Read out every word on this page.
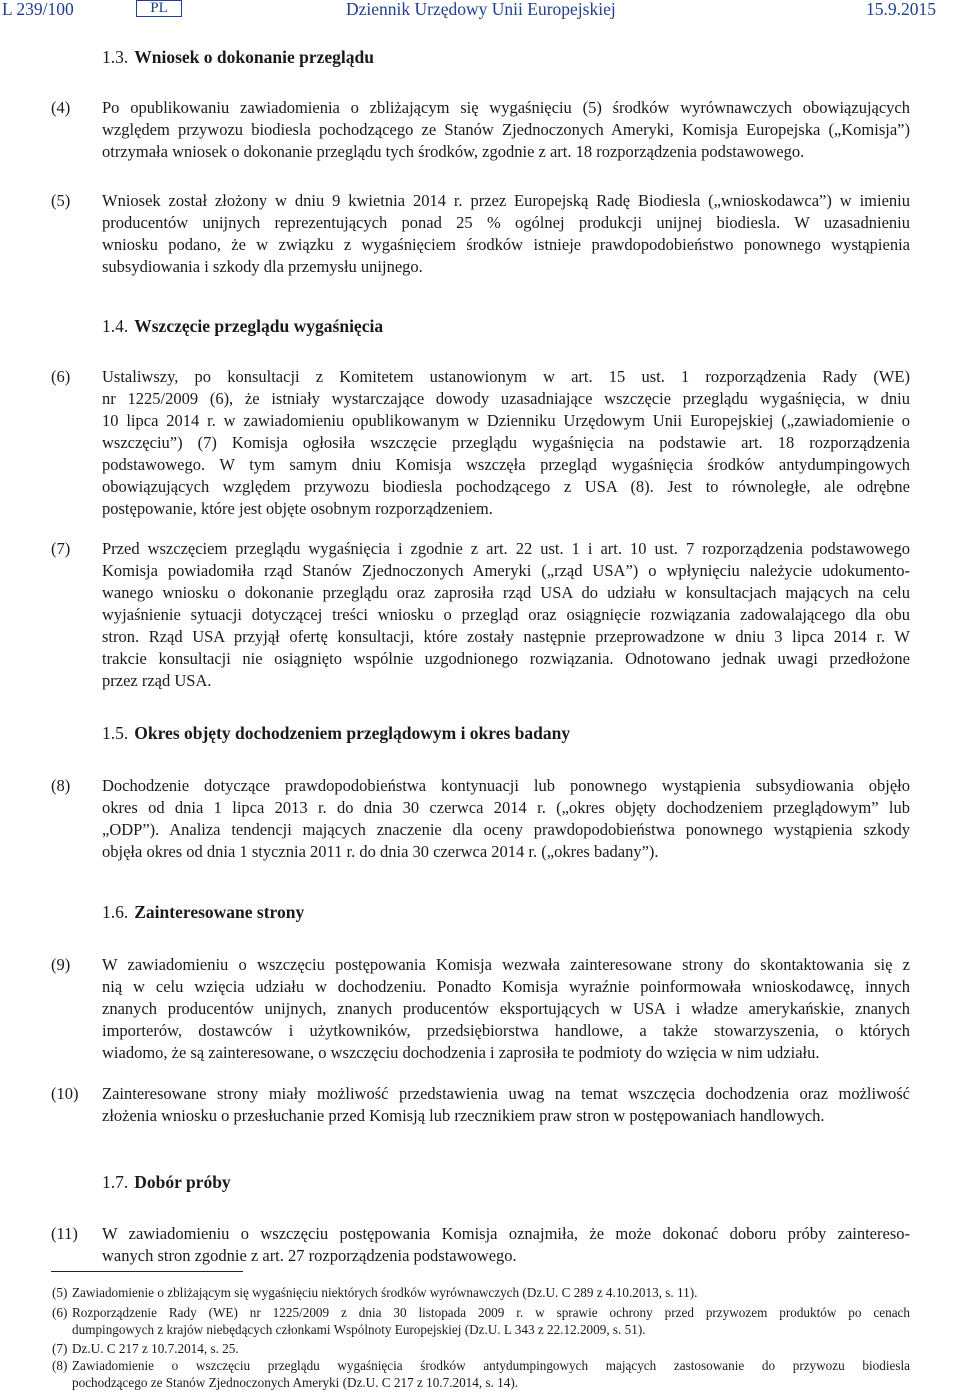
L 239/100	PL	Dziennik Urzędowy Unii Europejskiej	15.9.2015
1.3. Wniosek o dokonanie przeglądu
(4) Po opublikowaniu zawiadomienia o zbliżającym się wygaśnięciu (5) środków wyrównawczych obowiązujących
względem przywozu biodiesla pochodzącego ze Stanów Zjednoczonych Ameryki, Komisja Europejska („Komisja”)
otrzymała wniosek o dokonanie przeglądu tych środków, zgodnie z art. 18 rozporządzenia podstawowego.
(5) Wniosek został złożony w dniu 9 kwietnia 2014 r. przez Europejską Radę Biodiesla („wnioskodawca”) w imieniu
producentów unijnych reprezentujących ponad 25 % ogólnej produkcji unijnej biodiesla. W uzasadnieniu
wniosku podano, że w związku z wygaśnięciem środków istnieje prawdopodobieństwo ponownego wystąpienia
subsydiowania i szkody dla przemysłu unijnego.
1.4. Wszczęcie przeglądu wygaśnięcia
(6) Ustaliwszy, po konsultacji z Komitetem ustanowionym w art. 15 ust. 1 rozporządzenia Rady (WE)
nr 1225/2009 (6), że istniały wystarczające dowody uzasadniające wszczęcie przeglądu wygaśnięcia, w dniu
10 lipca 2014 r. w zawiadomieniu opublikowanym w Dzienniku Urzędowym Unii Europejskiej („zawiadomienie o
wszczęciu”) (7) Komisja ogłosiła wszczęcie przeglądu wygaśnięcia na podstawie art. 18 rozporządzenia
podstawowego. W tym samym dniu Komisja wszczęła przegląd wygaśnięcia środków antydumpingowych
obowiązujących względem przywozu biodiesla pochodzącego z USA (8). Jest to równoległe, ale odrębne
postępowanie, które jest objęte osobnym rozporządzeniem.
(7) Przed wszczęciem przeglądu wygaśnięcia i zgodnie z art. 22 ust. 1 i art. 10 ust. 7 rozporządzenia podstawowego
Komisja powiadomiła rząd Stanów Zjednoczonych Ameryki („rząd USA”) o wpłynięciu należycie udokumento-
wanego wniosku o dokonanie przeglądu oraz zaprosiła rząd USA do udziału w konsultacjach mających na celu
wyjaśnienie sytuacji dotyczącej treści wniosku o przegląd oraz osiągnięcie rozwiązania zadowalającego dla obu
stron. Rząd USA przyjął ofertę konsultacji, które zostały następnie przeprowadzone w dniu 3 lipca 2014 r. W
trakcie konsultacji nie osiągnięto wspólnie uzgodnionego rozwiązania. Odnotowano jednak uwagi przedłożone
przez rząd USA.
1.5. Okres objęty dochodzeniem przeglądowym i okres badany
(8) Dochodzenie dotyczące prawdopodobieństwa kontynuacji lub ponownego wystąpienia subsydiowania objęło
okres od dnia 1 lipca 2013 r. do dnia 30 czerwca 2014 r. („okres objęty dochodzeniem przeglądowym” lub
„ODP”). Analiza tendencji mających znaczenie dla oceny prawdopodobieństwa ponownego wystąpienia szkody
objęła okres od dnia 1 stycznia 2011 r. do dnia 30 czerwca 2014 r. („okres badany”).
1.6. Zainteresowane strony
(9) W zawiadomieniu o wszczęciu postępowania Komisja wezwała zainteresowane strony do skontaktowania się z
nią w celu wzięcia udziału w dochodzeniu. Ponadto Komisja wyraźnie poinformowała wnioskodawcę, innych
znanych producentów unijnych, znanych producentów eksportujących w USA i władze amerykańskie, znanych
importerów, dostawców i użytkowników, przedsiębiorstwa handlowe, a także stowarzyszenia, o których
wiadomo, że są zainteresowane, o wszczęciu dochodzenia i zaprosiła te podmioty do wzięcia w nim udziału.
(10) Zainteresowane strony miały możliwość przedstawienia uwag na temat wszczęcia dochodzenia oraz możliwość
złożenia wniosku o przesłuchanie przed Komisją lub rzecznikiem praw stron w postępowaniach handlowych.
1.7. Dobór próby
(11) W zawiadomieniu o wszczęciu postępowania Komisja oznajmiła, że może dokonać doboru próby zainteresо-
wanych stron zgodnie z art. 27 rozporządzenia podstawowego.
(5) Zawiadomienie o zbliżającym się wygaśnięciu niektórych środków wyrównawczych (Dz.U. C 289 z 4.10.2013, s. 11).
(6) Rozporządzenie Rady (WE) nr 1225/2009 z dnia 30 listopada 2009 r. w sprawie ochrony przed przywozem produktów po cenach
dumpingowych z krajów niebędących członkami Wspólnoty Europejskiej (Dz.U. L 343 z 22.12.2009, s. 51).
(7) Dz.U. C 217 z 10.7.2014, s. 25.
(8) Zawiadomienie o wszczęciu przeglądu wygaśnięcia środków antydumpingowych mających zastosowanie do przywozu biodiesla
pochodzącego ze Stanów Zjednoczonych Ameryki (Dz.U. C 217 z 10.7.2014, s. 14).
